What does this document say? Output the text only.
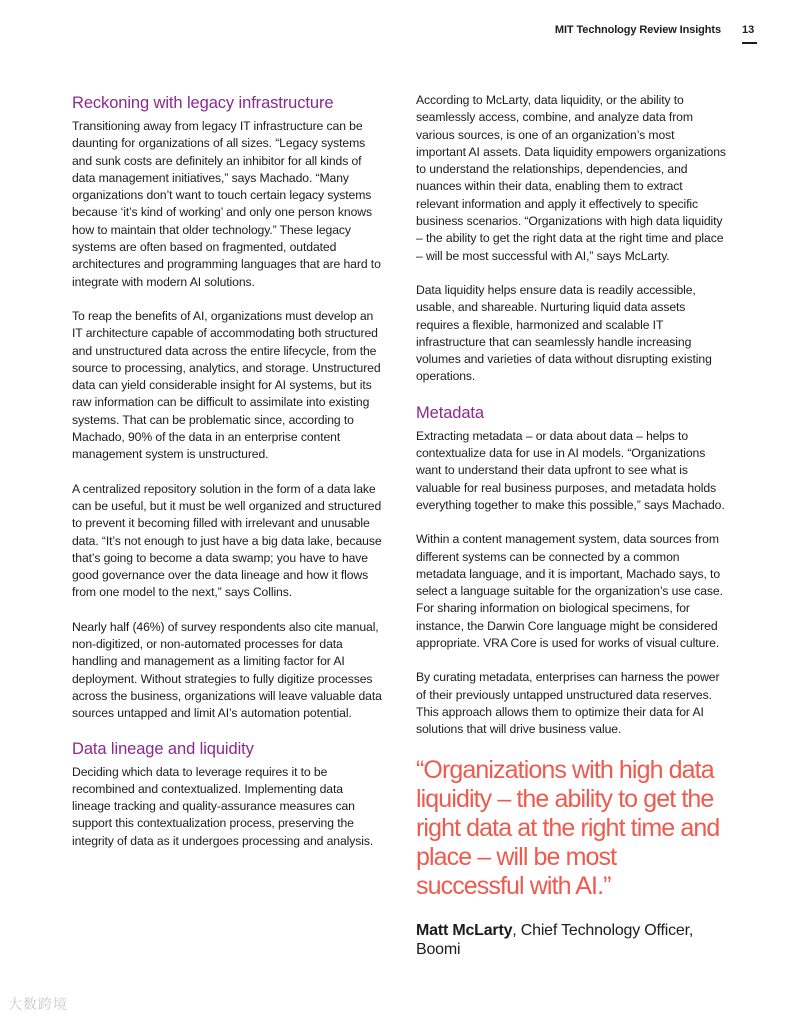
MIT Technology Review Insights 13
Reckoning with legacy infrastructure

Transitioning away from legacy IT infrastructure can be daunting for organizations of all sizes. “Legacy systems and sunk costs are definitely an inhibitor for all kinds of data management initiatives,” says Machado. “Many organizations don’t want to touch certain legacy systems because ‘it’s kind of working’ and only one person knows how to maintain that older technology.” These legacy systems are often based on fragmented, outdated architectures and programming languages that are hard to integrate with modern AI solutions.

To reap the benefits of AI, organizations must develop an IT architecture capable of accommodating both structured and unstructured data across the entire lifecycle, from the source to processing, analytics, and storage. Unstructured data can yield considerable insight for AI systems, but its raw information can be difficult to assimilate into existing systems. That can be problematic since, according to Machado, 90% of the data in an enterprise content management system is unstructured.

A centralized repository solution in the form of a data lake can be useful, but it must be well organized and structured to prevent it becoming filled with irrelevant and unusable data. “It’s not enough to just have a big data lake, because that’s going to become a data swamp; you have to have good governance over the data lineage and how it flows from one model to the next,” says Collins.

Nearly half (46%) of survey respondents also cite manual, non-digitized, or non-automated processes for data handling and management as a limiting factor for AI deployment. Without strategies to fully digitize processes across the business, organizations will leave valuable data sources untapped and limit AI’s automation potential.

Data lineage and liquidity

Deciding which data to leverage requires it to be recombined and contextualized. Implementing data lineage tracking and quality-assurance measures can support this contextualization process, preserving the integrity of data as it undergoes processing and analysis.

According to McLarty, data liquidity, or the ability to seamlessly access, combine, and analyze data from various sources, is one of an organization’s most important AI assets. Data liquidity empowers organizations to understand the relationships, dependencies, and nuances within their data, enabling them to extract relevant information and apply it effectively to specific business scenarios. “Organizations with high data liquidity – the ability to get the right data at the right time and place – will be most successful with AI,” says McLarty.

Data liquidity helps ensure data is readily accessible, usable, and shareable. Nurturing liquid data assets requires a flexible, harmonized and scalable IT infrastructure that can seamlessly handle increasing volumes and varieties of data without disrupting existing operations.

Metadata

Extracting metadata – or data about data – helps to contextualize data for use in AI models. “Organizations want to understand their data upfront to see what is valuable for real business purposes, and metadata holds everything together to make this possible,” says Machado.

Within a content management system, data sources from different systems can be connected by a common metadata language, and it is important, Machado says, to select a language suitable for the organization’s use case. For sharing information on biological specimens, for instance, the Darwin Core language might be considered appropriate. VRA Core is used for works of visual culture.

By curating metadata, enterprises can harness the power of their previously untapped unstructured data reserves. This approach allows them to optimize their data for AI solutions that will drive business value.

“Organizations with high data liquidity – the ability to get the right data at the right time and place – will be most successful with AI.”
Matt McLarty, Chief Technology Officer, Boomi
大数跨境
